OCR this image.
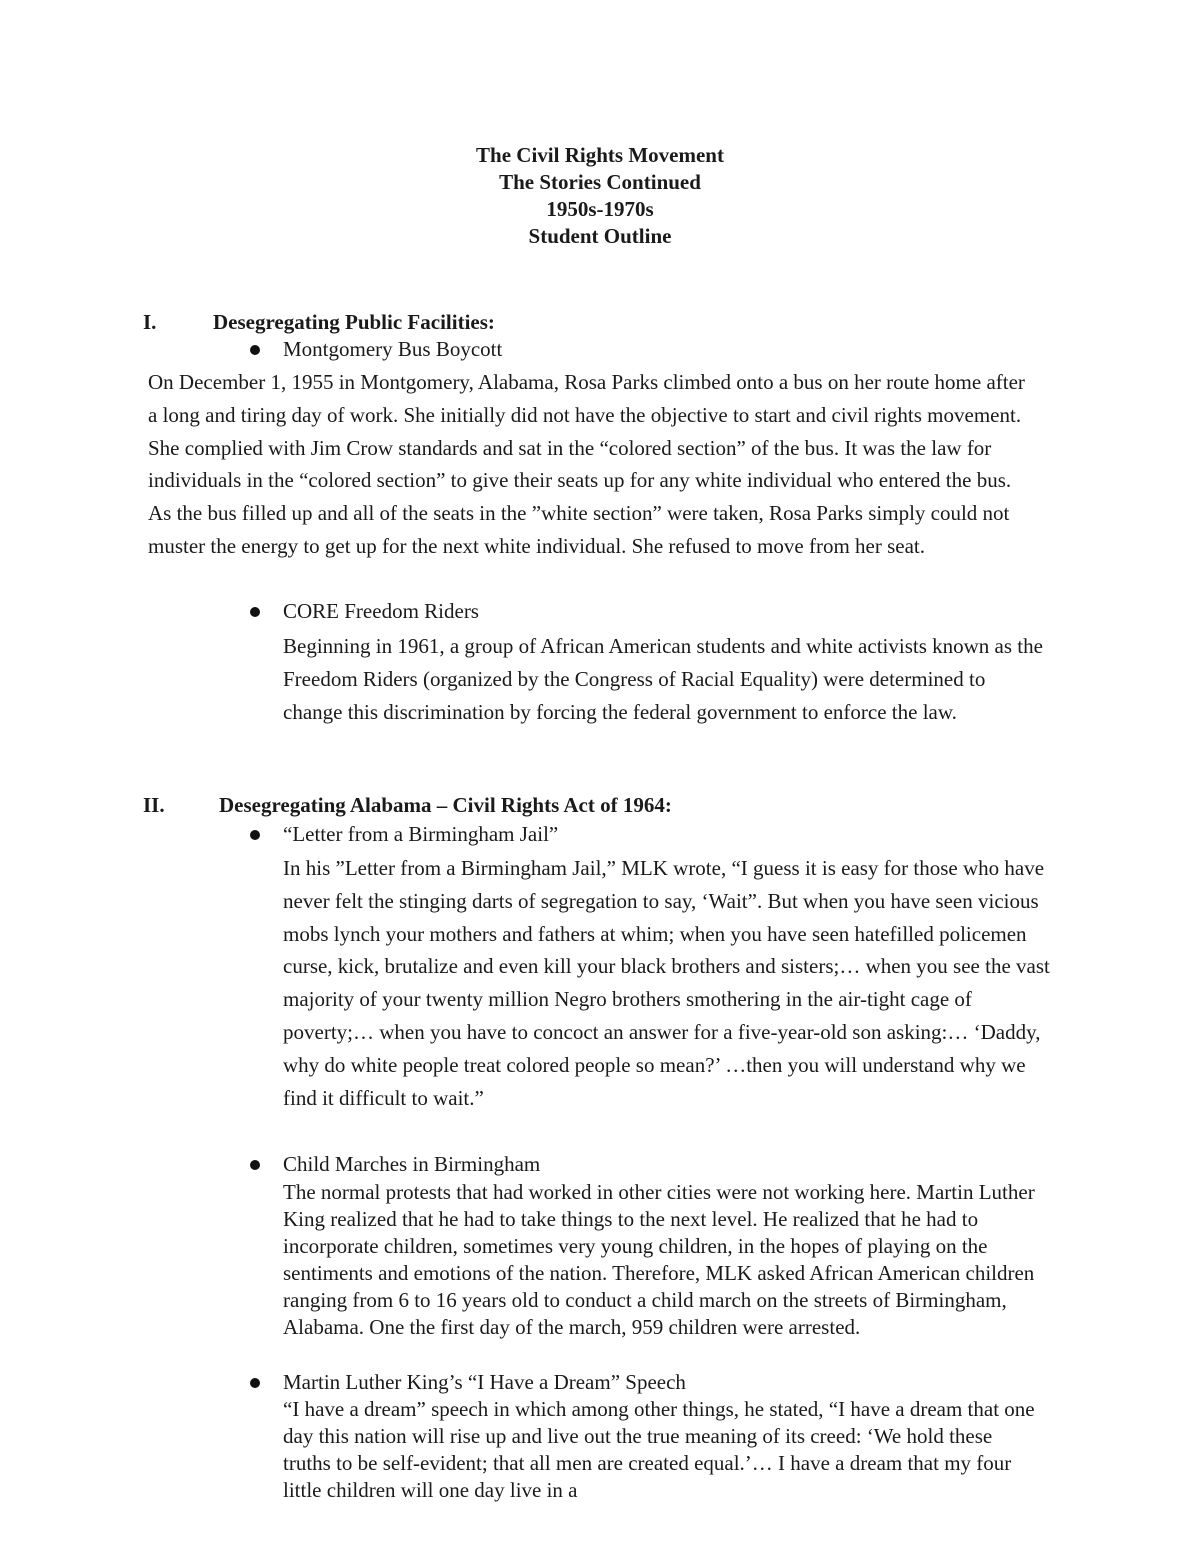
The Civil Rights Movement
The Stories Continued
1950s-1970s
Student Outline
I.	Desegregating Public Facilities:
Montgomery Bus Boycott

On December 1, 1955 in Montgomery, Alabama, Rosa Parks climbed onto a bus on her route home after a long and tiring day of work. She initially did not have the objective to start and civil rights movement. She complied with Jim Crow standards and sat in the “colored section” of the bus. It was the law for individuals in the “colored section” to give their seats up for any white individual who entered the bus. As the bus filled up and all of the seats in the ”white section” were taken, Rosa Parks simply could not muster the energy to get up for the next white individual. She refused to move from her seat.

CORE Freedom Riders

Beginning in 1961, a group of African American students and white activists known as the Freedom Riders (organized by the Congress of Racial Equality) were determined to change this discrimination by forcing the federal government to enforce the law.

II.	Desegregating Alabama – Civil Rights Act of 1964:
“Letter from a Birmingham Jail”

In his ”Letter from a Birmingham Jail,” MLK wrote, “I guess it is easy for those who have never felt the stinging darts of segregation to say, ‘Wait”. But when you have seen vicious mobs lynch your mothers and fathers at whim; when you have seen hatefilled policemen curse, kick, brutalize and even kill your black brothers and sisters;… when you see the vast majority of your twenty million Negro brothers smothering in the air-tight cage of poverty;… when you have to concoct an answer for a five-year-old son asking:… ‘Daddy, why do white people treat colored people so mean?’ …then you will understand why we find it difficult to wait.”

Child Marches in Birmingham

The normal protests that had worked in other cities were not working here. Martin Luther King realized that he had to take things to the next level. He realized that he had to incorporate children, sometimes very young children, in the hopes of playing on the sentiments and emotions of the nation. Therefore, MLK asked African American children ranging from 6 to 16 years old to conduct a child march on the streets of Birmingham, Alabama. One the first day of the march, 959 children were arrested.

Martin Luther King’s “I Have a Dream” Speech

“I have a dream” speech in which among other things, he stated, “I have a dream that one day this nation will rise up and live out the true meaning of its creed: ‘We hold these truths to be self-evident; that all men are created equal.’… I have a dream that my four little children will one day live in a
